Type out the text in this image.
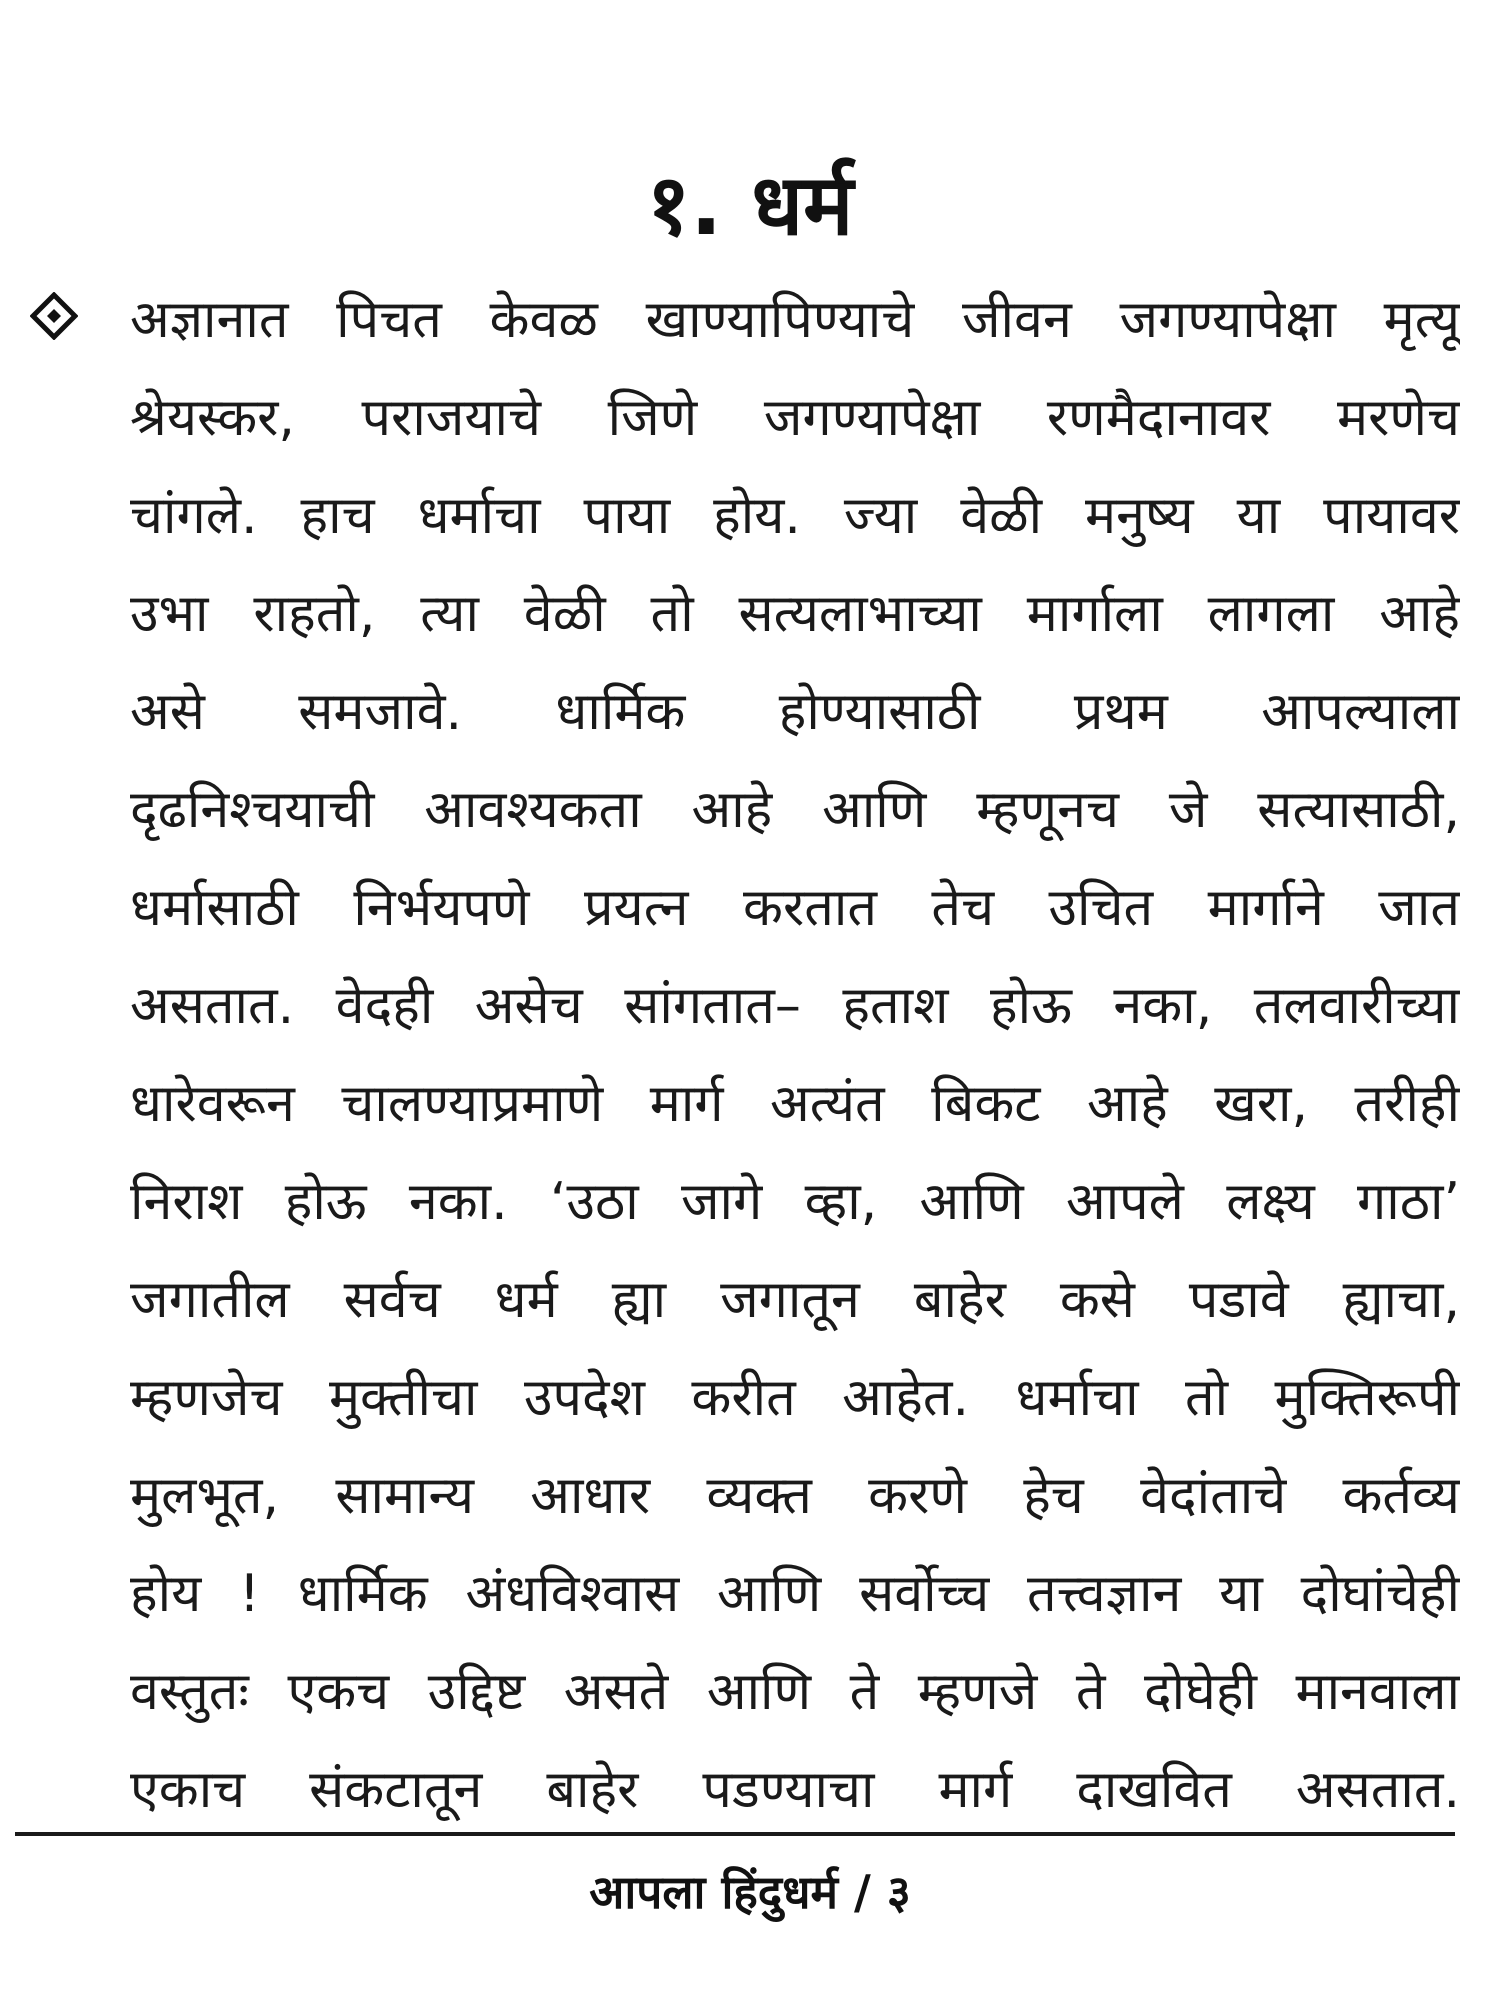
१. धर्म
अज्ञानात पिचत केवळ खाण्यापिण्याचे जीवन जगण्यापेक्षा मृत्यू
श्रेयस्कर, पराजयाचे जिणे जगण्यापेक्षा रणमैदानावर मरणेच
चांगले. हाच धर्माचा पाया होय. ज्या वेळी मनुष्य या पायावर
उभा राहतो, त्या वेळी तो सत्यलाभाच्या मार्गाला लागला आहे
असे समजावे. धार्मिक होण्यासाठी प्रथम आपल्याला
दृढनिश्चयाची आवश्यकता आहे आणि म्हणूनच जे सत्यासाठी,
धर्मासाठी निर्भयपणे प्रयत्न करतात तेच उचित मार्गाने जात
असतात. वेदही असेच सांगतात– हताश होऊ नका, तलवारीच्या
धारेवरून चालण्याप्रमाणे मार्ग अत्यंत बिकट आहे खरा, तरीही
निराश होऊ नका. ‘उठा जागे व्हा, आणि आपले लक्ष्य गाठा’
जगातील सर्वच धर्म ह्या जगातून बाहेर कसे पडावे ह्याचा,
म्हणजेच मुक्तीचा उपदेश करीत आहेत. धर्माचा तो मुक्तिरूपी
मुलभूत, सामान्य आधार व्यक्त करणे हेच वेदांताचे कर्तव्य
होय ! धार्मिक अंधविश्वास आणि सर्वोच्च तत्त्वज्ञान या दोघांचेही
वस्तुतः एकच उद्दिष्ट असते आणि ते म्हणजे ते दोघेही मानवाला
एकाच संकटातून बाहेर पडण्याचा मार्ग दाखवित असतात.
आपला हिंदुधर्म / ३
